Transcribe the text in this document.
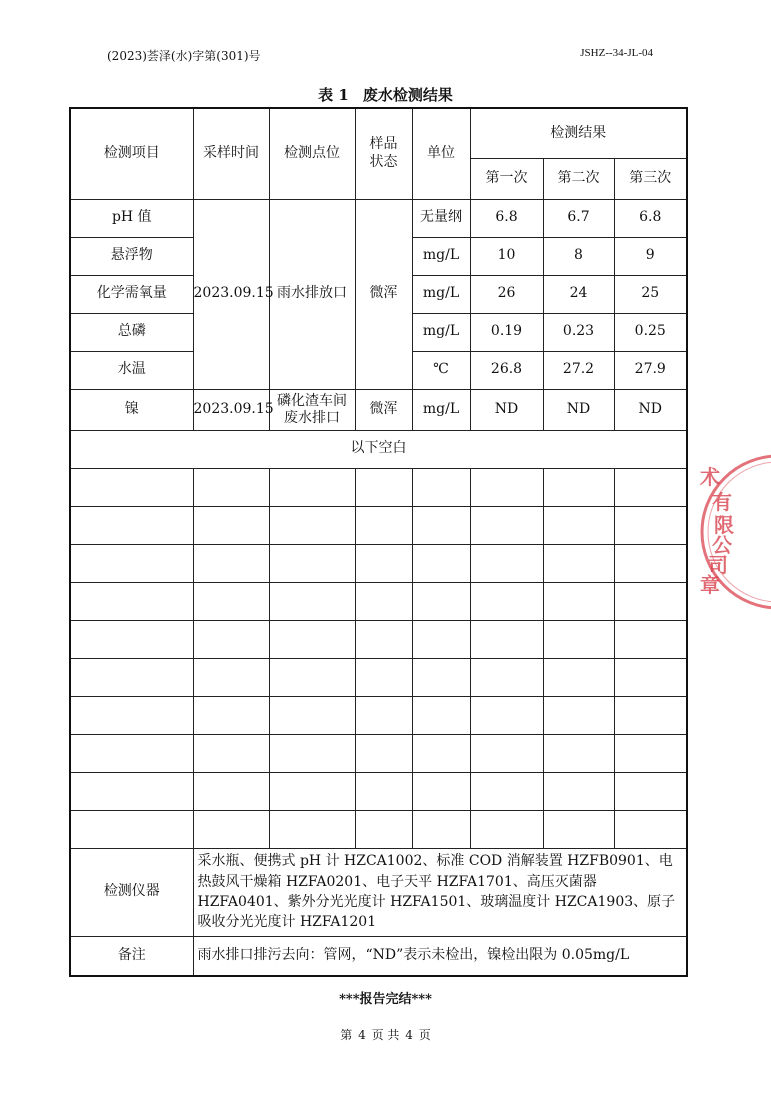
(2023)荟泽(水)字第(301)号	JSHZ--34-JL-04
表 1 废水检测结果
检测项目	采样时间	检测点位	样品状态	单位	检测结果		
					第一次	第二次	第三次
pH 值	2023.09.15	雨水排放口	微浑	无量纲	6.8	6.7	6.8
悬浮物				mg/L	10	8	9
化学需氧量				mg/L	26	24	25
总磷				mg/L	0.19	0.23	0.25
水温				℃	26.8	27.2	27.9
镍	2023.09.15	磷化渣车间废水排口	微浑	mg/L	ND	ND	ND
以下空白							

检测仪器	采水瓶、便携式 pH 计 HZCA1002、标准 COD 消解装置 HZFB0901、电热鼓风干燥箱 HZFA0201、电子天平 HZFA1701、高压灭菌器 HZFA0401、紫外分光光度计 HZFA1501、玻璃温度计 HZCA1903、原子吸收分光光度计 HZFA1201						
备注	雨水排口排污去向：管网，“ND”表示未检出，镍检出限为 0.05mg/L						
***报告完结***
第 4 页 共 4 页
术
有
限
公
司
章
